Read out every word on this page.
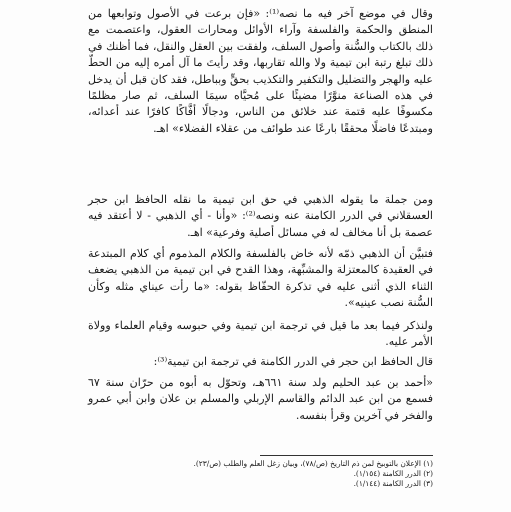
وقال في موضع آخر فيه ما نصه⁽¹⁾: «فإن برعت في الأصول وتوابعها من المنطق والحكمة والفلسفة وآراء الأوائل ومحارات العقول، واعتصمت مع ذلك بالكتاب والسُّنة وأصول السلف، ولفقت بين العقل والنقل، فما أظنك في ذلك تبلغ رتبة ابن تيمية ولا والله تقاربها، وقد رأيتَ ما آل أمره إليه من الحطّ عليه والهجر والتضليل والتكفير والتكذيب بحقٍّ وبباطل، فقد كان قبل أن يدخل في هذه الصناعة منوَّرًا مضيئًا على مُحيَّاه سيمَا السلف، ثم صار مظلمًا مكسوفًا عليه قتمة عند خلائق من الناس، ودجالًا أفَّاكًا كافرًا عند أعدائه، ومبتدعًا فاضلًا محققًا بارعًا عند طوائف من عقلاء الفضلاء» اهـ.

ومن جملة ما يقوله الذهبي في حق ابن تيمية ما نقله الحافظ ابن حجر العسقلاني في الدرر الكامنة عنه ونصه⁽²⁾: «وأنا - أي الذهبي - لا أعتقد فيه عصمة بل أنا مخالف له في مسائل أصلية وفرعية» اهـ.

فتبيَّن أن الذهبي ذمّه لأنه خاض بالفلسفة والكلام المذموم أي كلام المبتدعة في العقيدة كالمعتزلة والمشبِّهة، وهذا القدح في ابن تيمية من الذهبي يضعف الثناء الذي أثنى عليه في تذكرة الحفّاظ بقوله: «ما رأت عيناي مثله وكأن السُّنة نصب عينيه».

ولنذكر فيما بعد ما قيل في ترجمة ابن تيمية وفي حبوسه وقيام العلماء وولاة الأمر عليه.

قال الحافظ ابن حجر في الدرر الكامنة في ترجمة ابن تيمية⁽³⁾:

«أحمد بن عبد الحليم ولد سنة ٦٦١هـ، وتحوّل به أبوه من حرّان سنة ٦٧ فسمع من ابن عبد الدائم والقاسم الإربلي والمسلم بن علان وابن أبي عمرو والفخر في آخرين وقرأ بنفسه.

(١) الإعلان بالتوبيخ لمن ذم التاريخ (ص/٧٨)، وبيان زغل العلم والطلب (ص/٢٣).

(٢) الدرر الكامنة (١/١٥٤).

(٣) الدرر الكامنة (١/١٤٤).
